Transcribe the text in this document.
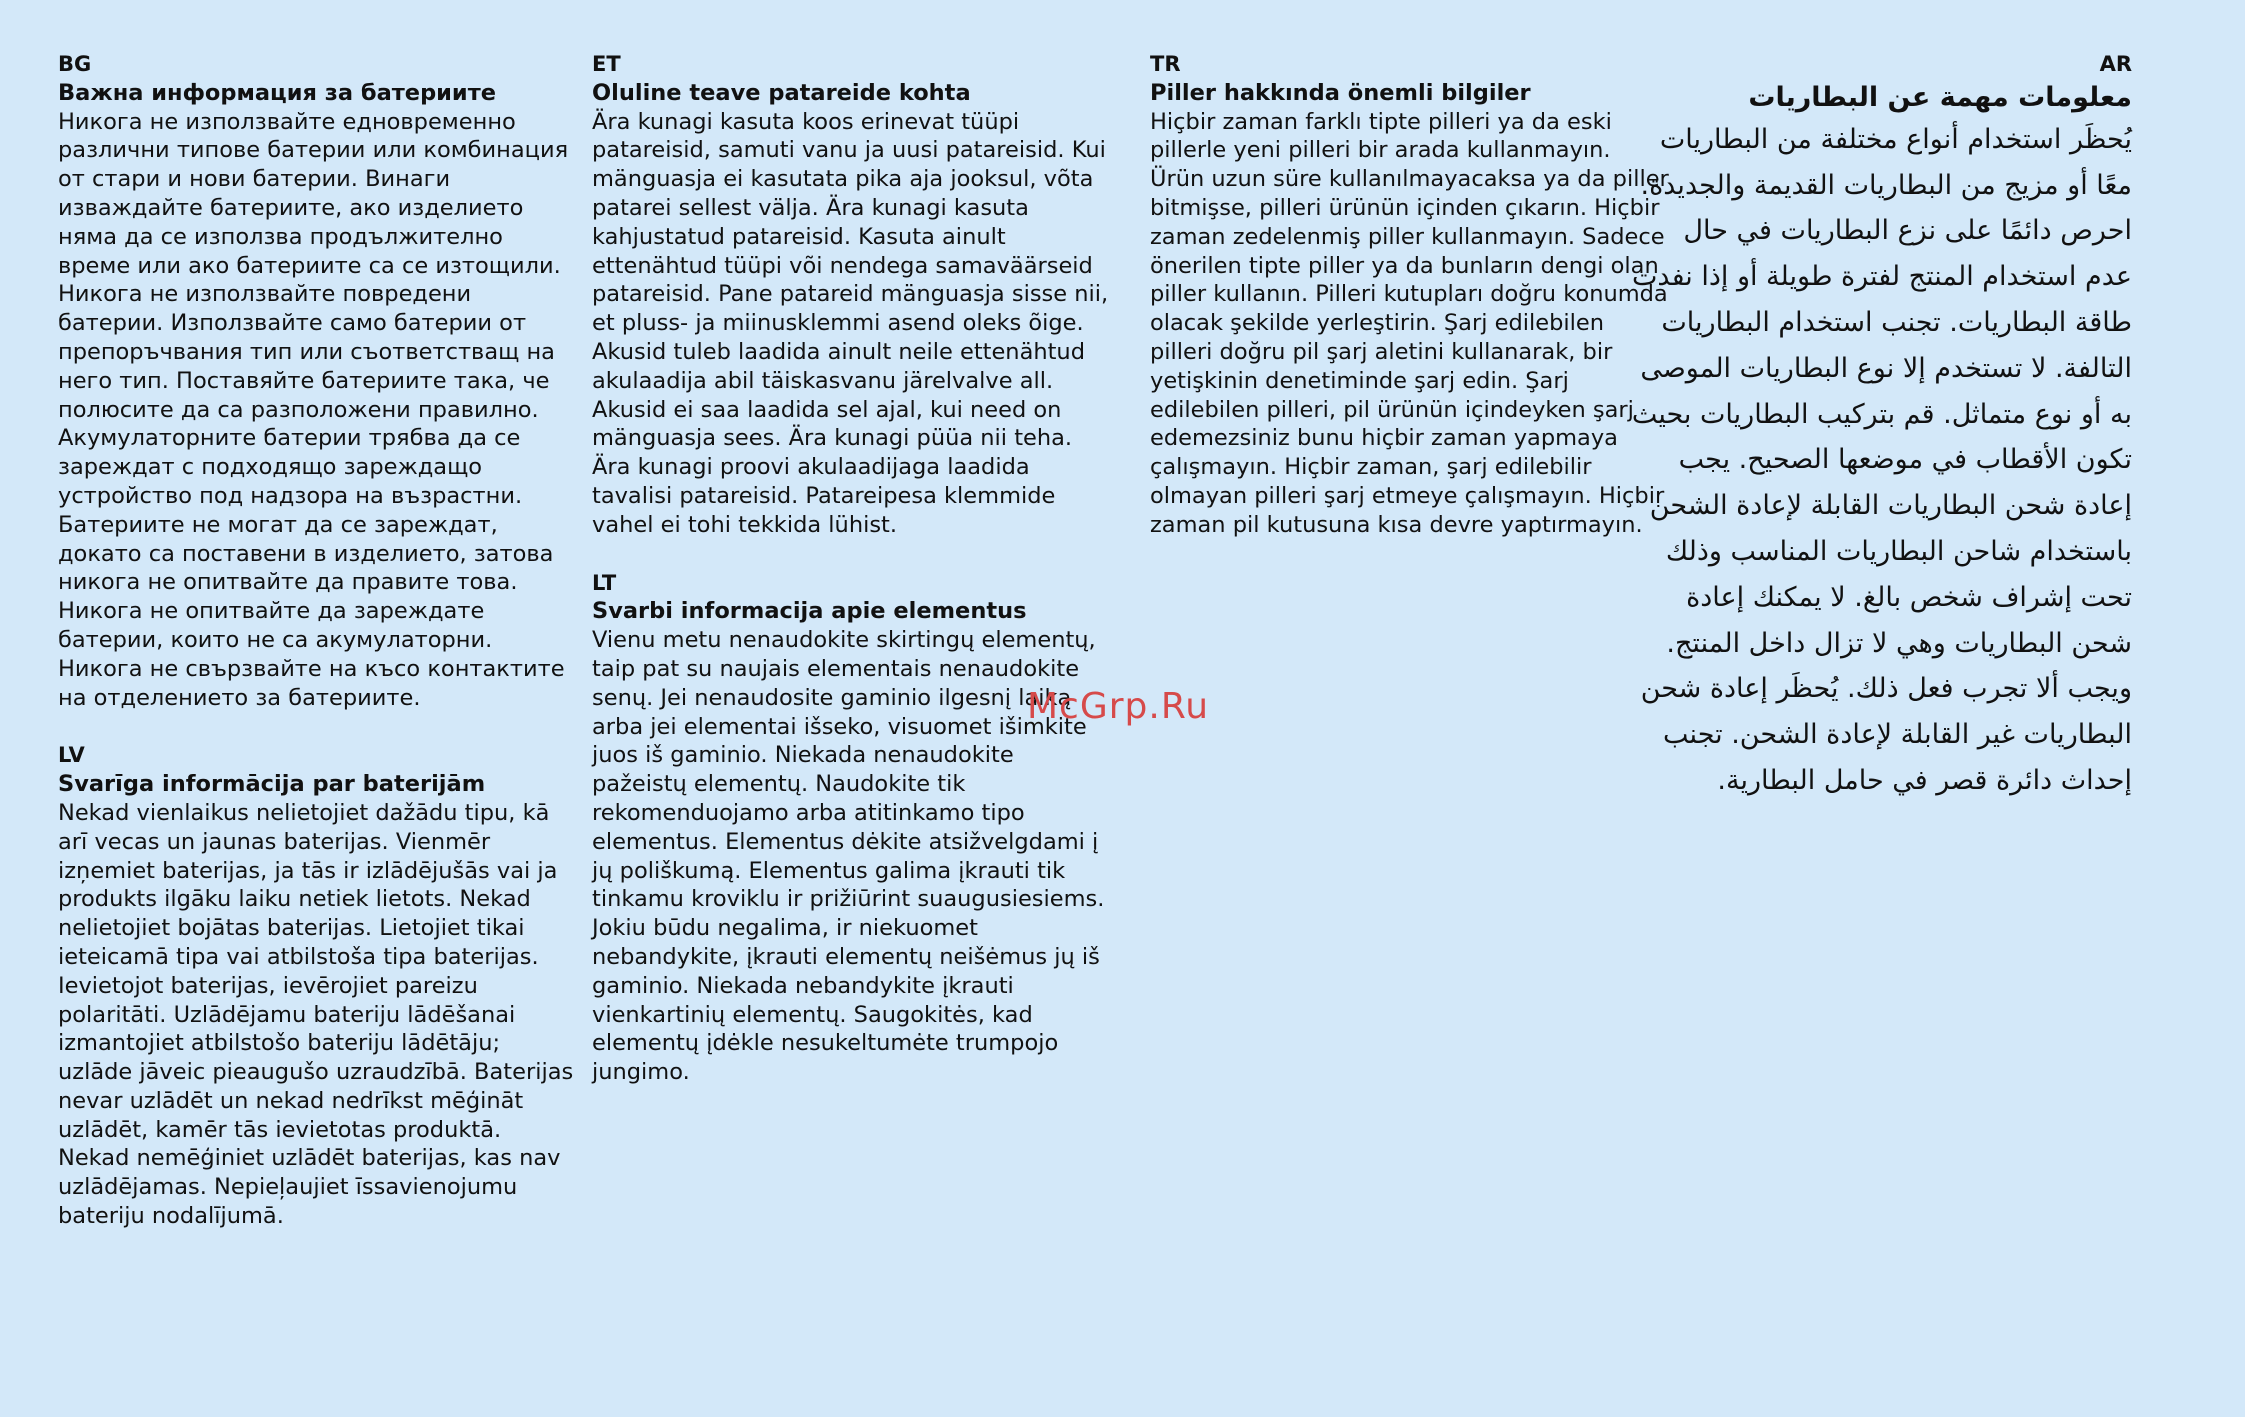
BG
Важна информация за батериите
Никога не използвайте едновременно различни типове батерии или комбинация от стари и нови батерии. Винаги изваждайте батериите, ако изделието няма да се използва продължително време или ако батериите са се изтощили. Никога не използвайте повредени батерии. Използвайте само батерии от препоръчвания тип или съответстващ на него тип. Поставяйте батериите така, че полюсите да са разположени правилно. Акумулаторните батерии трябва да се зареждат с подходящо зареждащо устройство под надзора на възрастни. Батериите не могат да се зареждат, докато са поставени в изделието, затова никога не опитвайте да правите това. Никога не опитвайте да зареждате батерии, които не са акумулаторни. Никога не свързвайте на късо контактите на отделението за батериите.
LV
Svarīga informācija par baterijām
Nekad vienlaikus nelietojiet dažādu tipu, kā arī vecas un jaunas baterijas. Vienmēr izņemiet baterijas, ja tās ir izlādējušās vai ja produkts ilgāku laiku netiek lietots. Nekad nelietojiet bojātas baterijas. Lietojiet tikai ieteicamā tipa vai atbilstoša tipa baterijas. Ievietojot baterijas, ievērojiet pareizu polaritāti. Uzlādējamu bateriju lādēšanai izmantojiet atbilstošo bateriju lādētāju; uzlāde jāveic pieaugušo uzraudzībā. Baterijas nevar uzlādēt un nekad nedrīkst mēģināt uzlādēt, kamēr tās ievietotas produktā. Nekad nemēģiniet uzlādēt baterijas, kas nav uzlādējamas. Nepieļaujiet īssavienojumu bateriju nodalījumā.
ET
Oluline teave patareide kohta
Ära kunagi kasuta koos erinevat tüüpi patareisid, samuti vanu ja uusi patareisid. Kui mänguasja ei kasutata pika aja jooksul, võta patarei sellest välja. Ära kunagi kasuta kahjustatud patareisid. Kasuta ainult ettenähtud tüüpi või nendega samaväärseid patareisid. Pane patareid mänguasja sisse nii, et pluss- ja miinusklemmi asend oleks õige. Akusid tuleb laadida ainult neile ettenähtud akulaadija abil täiskasvanu järelvalve all. Akusid ei saa laadida sel ajal, kui need on mänguasja sees. Ära kunagi püüa nii teha. Ära kunagi proovi akulaadijaga laadida tavalisi patareisid. Patareipesa klemmide vahel ei tohi tekkida lühist.
LT
Svarbi informacija apie elementus
Vienu metu nenaudokite skirtingų elementų, taip pat su naujais elementais nenaudokite senų. Jei nenaudosite gaminio ilgesnį laiką arba jei elementai išseko, visuomet išimkite juos iš gaminio. Niekada nenaudokite pažeistų elementų. Naudokite tik rekomenduojamo arba atitinkamo tipo elementus. Elementus dėkite atsižvelgdami į jų poliškumą. Elementus galima įkrauti tik tinkamu kroviklu ir prižiūrint suaugusiesiems. Jokiu būdu negalima, ir niekuomet nebandykite, įkrauti elementų neišėmus jų iš gaminio. Niekada nebandykite įkrauti vienkartinių elementų. Saugokitės, kad elementų įdėkle nesukeltumėte trumpojo jungimo.
TR
Piller hakkında önemli bilgiler
Hiçbir zaman farklı tipte pilleri ya da eski pillerle yeni pilleri bir arada kullanmayın. Ürün uzun süre kullanılmayacaksa ya da piller bitmişse, pilleri ürünün içinden çıkarın. Hiçbir zaman zedelenmiş piller kullanmayın. Sadece önerilen tipte piller ya da bunların dengi olan piller kullanın. Pilleri kutupları doğru konumda olacak şekilde yerleştirin. Şarj edilebilen pilleri doğru pil şarj aletini kullanarak, bir yetişkinin denetiminde şarj edin. Şarj edilebilen pilleri, pil ürünün içindeyken şarj edemezsiniz bunu hiçbir zaman yapmaya çalışmayın. Hiçbir zaman, şarj edilebilir olmayan pilleri şarj etmeye çalışmayın. Hiçbir zaman pil kutusuna kısa devre yaptırmayın.
AR
معلومات مهمة عن البطاريات
يُحظَر استخدام أنواع مختلفة من البطاريات معًا أو مزيج من البطاريات القديمة والجديدة. احرص دائمًا على نزع البطاريات في حال عدم استخدام المنتج لفترة طويلة أو إذا نفدت طاقة البطاريات. تجنب استخدام البطاريات التالفة. لا تستخدم إلا نوع البطاريات الموصى به أو نوع متماثل. قم بتركيب البطاريات بحيث تكون الأقطاب في موضعها الصحيح. يجب إعادة شحن البطاريات القابلة لإعادة الشحن باستخدام شاحن البطاريات المناسب وذلك تحت إشراف شخص بالغ. لا يمكنك إعادة شحن البطاريات وهي لا تزال داخل المنتج. ويجب ألا تجرب فعل ذلك. يُحظَر إعادة شحن البطاريات غير القابلة لإعادة الشحن. تجنب إحداث دائرة قصر في حامل البطارية.
McGrp.Ru
